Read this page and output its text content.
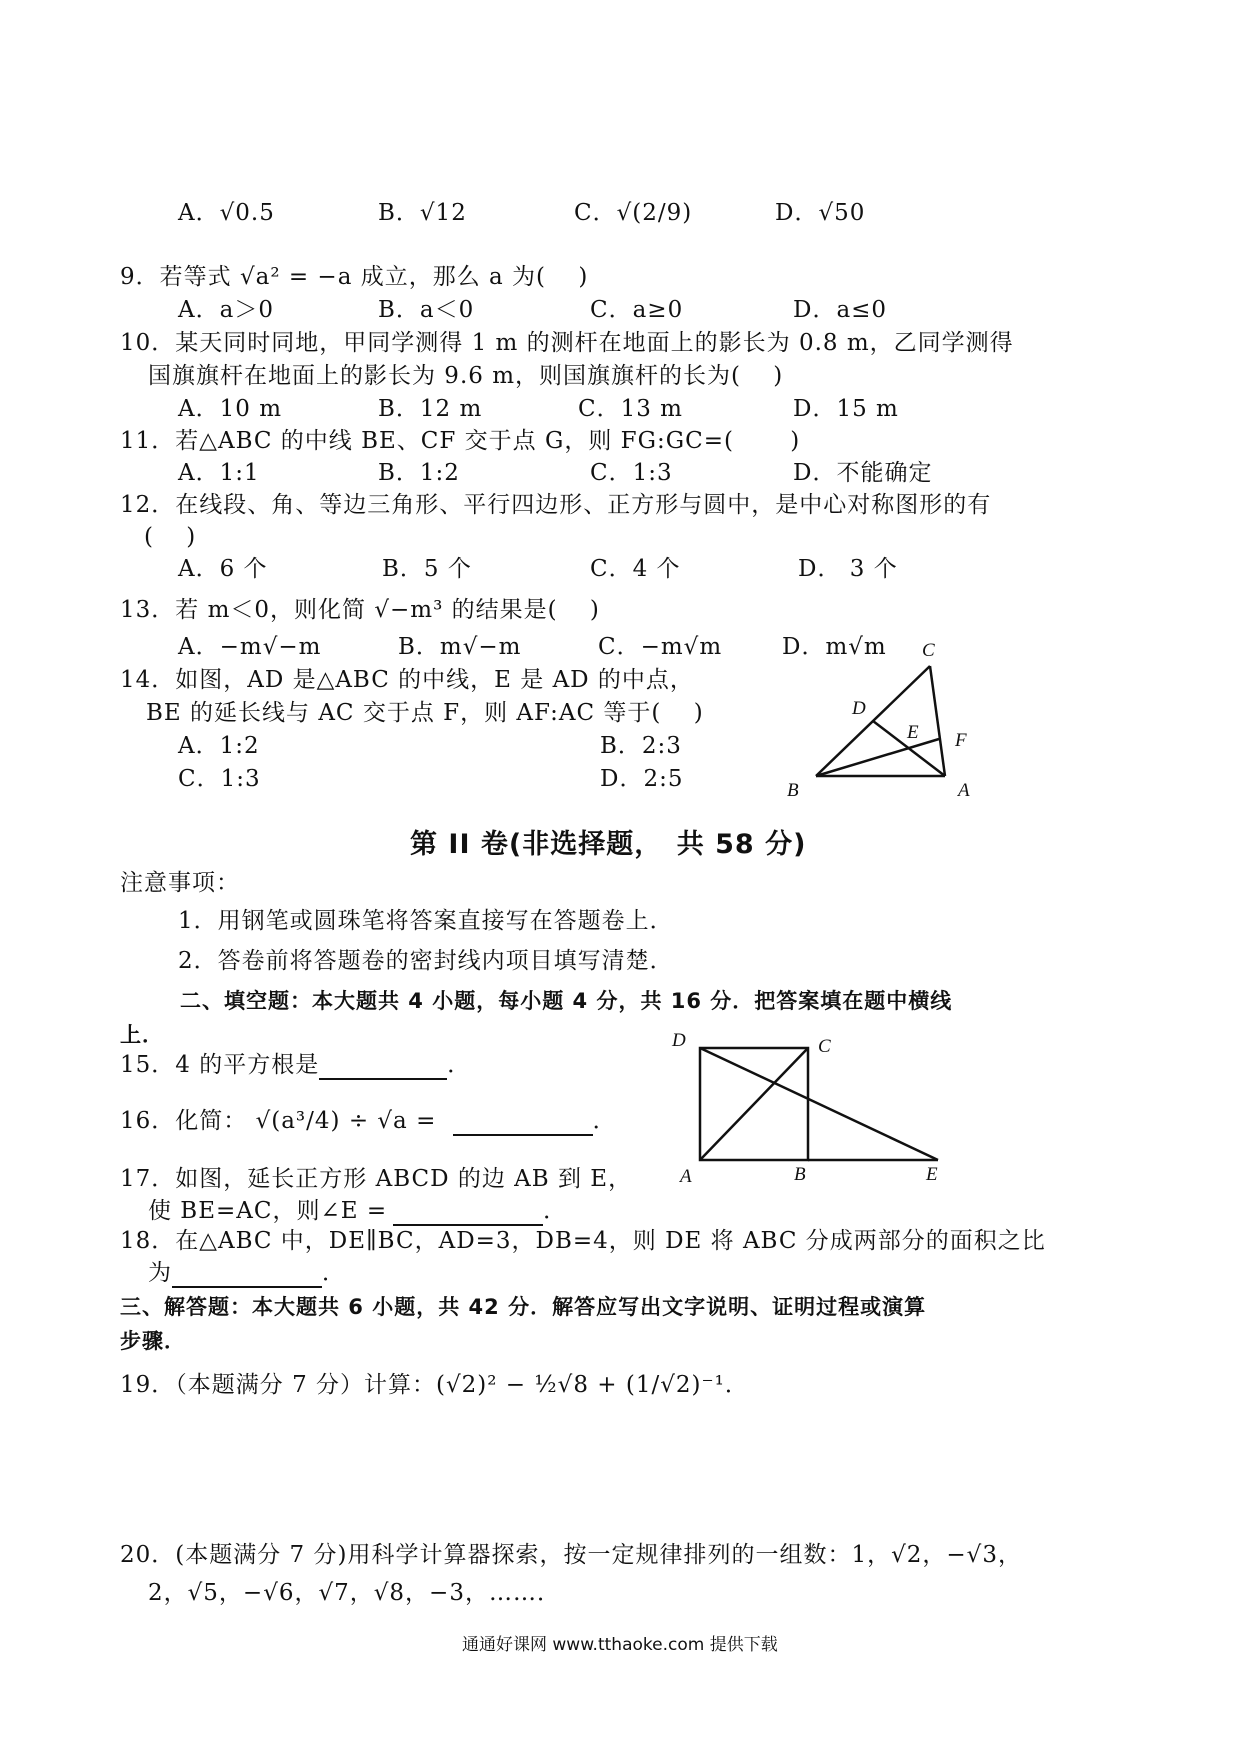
A．√0.5	B．√12	C．√(2/9)	D．√50
9．若等式 √a² = −a 成立，那么 a 为(　 )
A．a＞0	B．a＜0	C．a≥0	D．a≤0
10．某天同时同地，甲同学测得 1 m 的测杆在地面上的影长为 0.8 m，乙同学测得
国旗旗杆在地面上的影长为 9.6 m，则国旗旗杆的长为(　 )
A．10 m	B．12 m	C．13 m	D．15 m
11．若△ABC 的中线 BE、CF 交于点 G，则 FG:GC=(　　 )
A．1:1	B．1:2	C．1:3	D．不能确定
12．在线段、角、等边三角形、平行四边形、正方形与圆中，是中心对称图形的有
(　 )
A．6 个	B．5 个	C．4 个	D． 3 个
13．若 m＜0，则化简 √−m³ 的结果是(　 )
A．−m√−m	B．m√−m	C．−m√m	D．m√m
14．如图，AD 是△ABC 的中线，E 是 AD 的中点，
BE 的延长线与 AC 交于点 F，则 AF:AC 等于(　 )
A．1:2	B．2:3
C．1:3	D．2:5
C
D
E F
B	A
第 II 卷(非选择题，　共 58 分)
注意事项：
1．用钢笔或圆珠笔将答案直接写在答题卷上．
2．答卷前将答题卷的密封线内项目填写清楚．
二、填空题：本大题共 4 小题，每小题 4 分，共 16 分．把答案填在题中横线
上．
15．4 的平方根是	．
16．化简： √(a³/4) ÷ √a =	．
17．如图，延长正方形 ABCD 的边 AB 到 E，
使 BE=AC，则∠E =	．
D	C
A	B	E
18．在△ABC 中，DE∥BC，AD=3，DB=4，则 DE 将 ABC 分成两部分的面积之比
为	．
三、解答题：本大题共 6 小题，共 42 分．解答应写出文字说明、证明过程或演算
步骤．
19．（本题满分 7 分）计算：(√2)² − ½√8 + (1/√2)⁻¹．
20．(本题满分 7 分)用科学计算器探索，按一定规律排列的一组数：1，√2，−√3，
2，√5，−√6，√7，√8，−3，……．
通通好课网 www.tthaoke.com 提供下载
